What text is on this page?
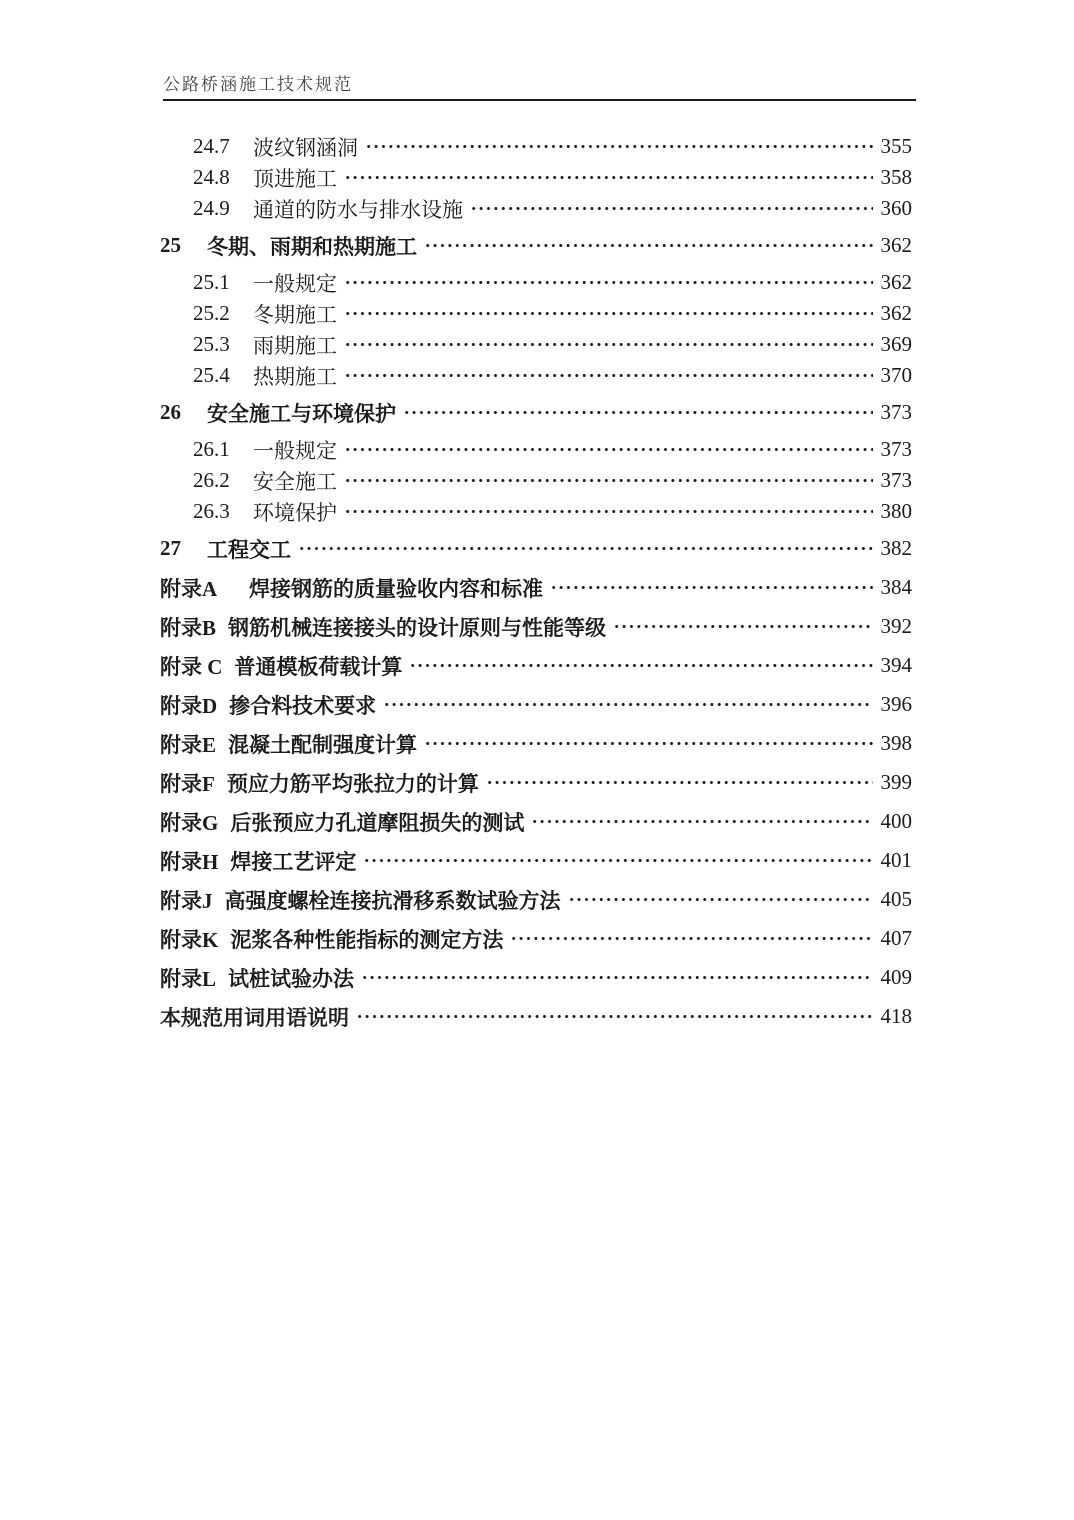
公路桥涵施工技术规范
24.7	波纹钢涵洞	355
24.8	顶进施工	358
24.9	通道的防水与排水设施	360
25	冬期、雨期和热期施工	362
25.1	一般规定	362
25.2	冬期施工	362
25.3	雨期施工	369
25.4	热期施工	370
26	安全施工与环境保护	373
26.1	一般规定	373
26.2	安全施工	373
26.3	环境保护	380
27	工程交工	382
附录A　 焊接钢筋的质量验收内容和标准	384
附录B 钢筋机械连接接头的设计原则与性能等级	392
附录 C 普通模板荷载计算	394
附录D 掺合料技术要求	396
附录E 混凝土配制强度计算	398
附录F 预应力筋平均张拉力的计算	399
附录G 后张预应力孔道摩阻损失的测试	400
附录H 焊接工艺评定	401
附录J 高强度螺栓连接抗滑移系数试验方法	405
附录K 泥浆各种性能指标的测定方法	407
附录L 试桩试验办法	409
本规范用词用语说明	418
